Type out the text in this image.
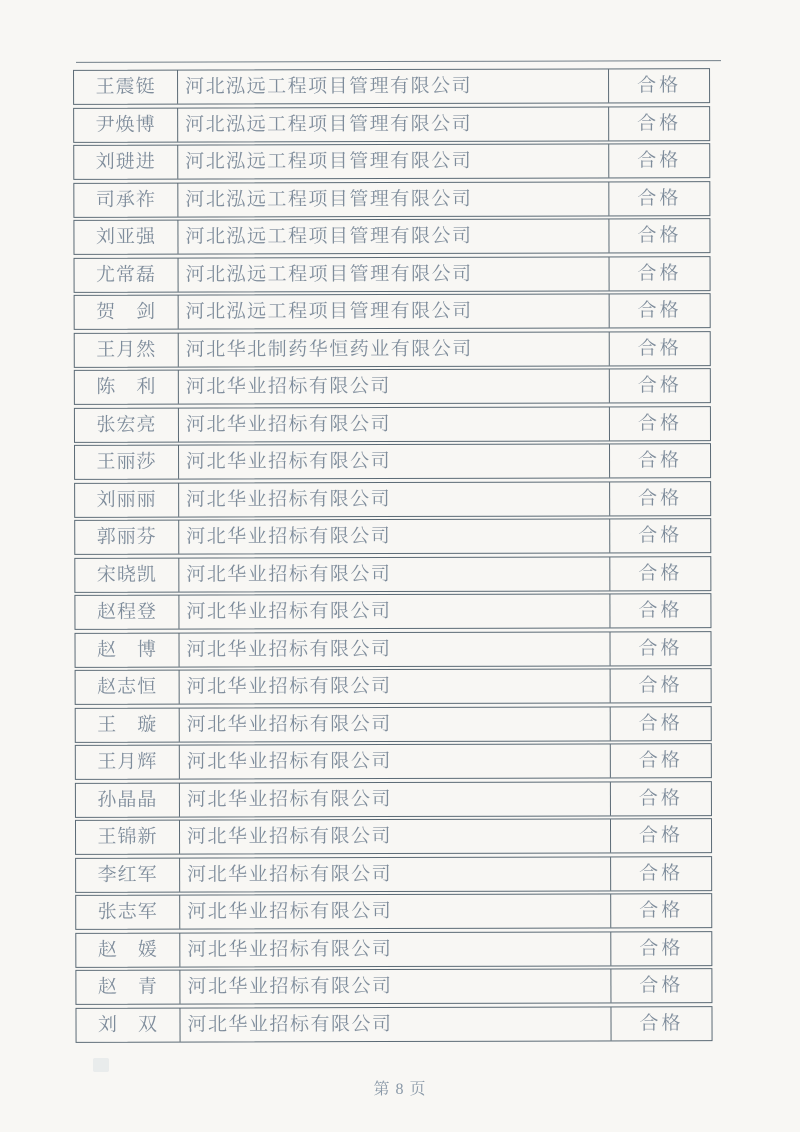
王震铤	河北泓远工程项目管理有限公司	合格
尹焕博	河北泓远工程项目管理有限公司	合格
刘琎进	河北泓远工程项目管理有限公司	合格
司承祚	河北泓远工程项目管理有限公司	合格
刘亚强	河北泓远工程项目管理有限公司	合格
尤常磊	河北泓远工程项目管理有限公司	合格
贺　剑	河北泓远工程项目管理有限公司	合格
王月然	河北华北制药华恒药业有限公司	合格
陈　利	河北华业招标有限公司	合格
张宏亮	河北华业招标有限公司	合格
王丽莎	河北华业招标有限公司	合格
刘丽丽	河北华业招标有限公司	合格
郭丽芬	河北华业招标有限公司	合格
宋晓凯	河北华业招标有限公司	合格
赵程登	河北华业招标有限公司	合格
赵　博	河北华业招标有限公司	合格
赵志恒	河北华业招标有限公司	合格
王　璇	河北华业招标有限公司	合格
王月辉	河北华业招标有限公司	合格
孙晶晶	河北华业招标有限公司	合格
王锦新	河北华业招标有限公司	合格
李红军	河北华业招标有限公司	合格
张志军	河北华业招标有限公司	合格
赵　媛	河北华业招标有限公司	合格
赵　青	河北华业招标有限公司	合格
刘　双	河北华业招标有限公司	合格
第 8 页
